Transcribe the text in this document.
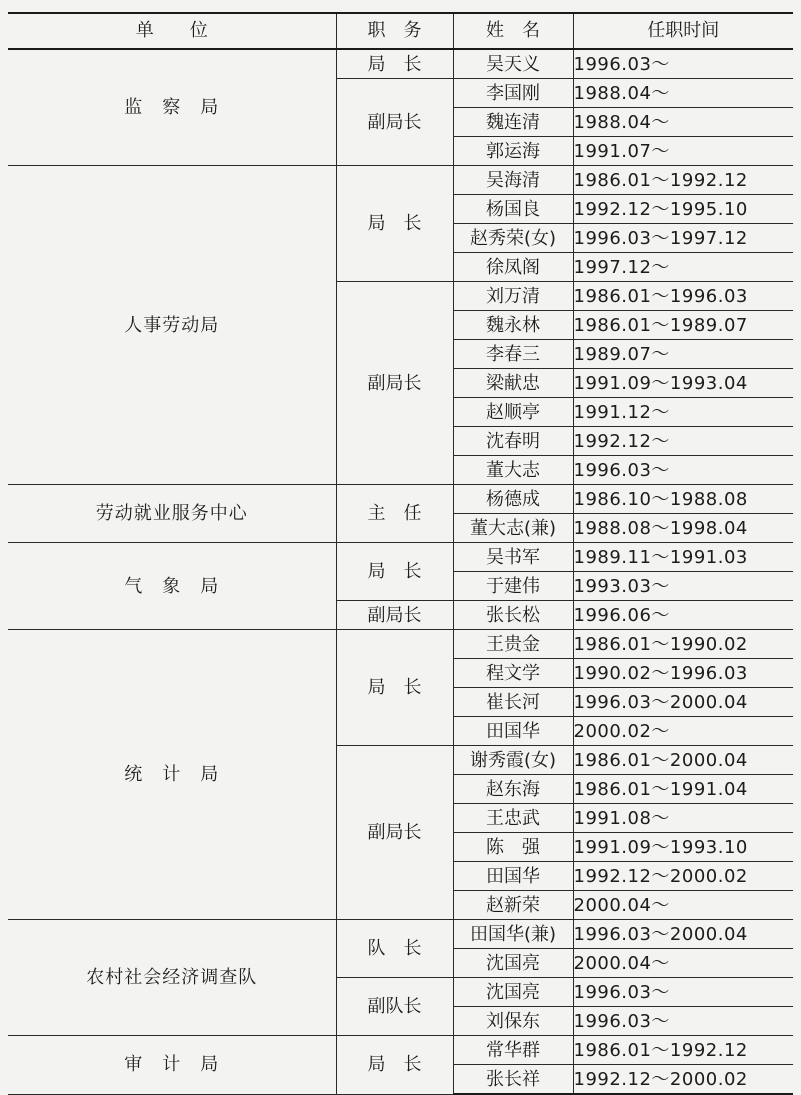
单　　位	职　务	姓　名	任职时间
监　察　局	局　长	吴天义	1996.03～
	副局长	李国刚	1988.04～
		魏连清	1988.04～
		郭运海	1991.07～
人事劳动局	局　长	吴海清	1986.01～1992.12
		杨国良	1992.12～1995.10
		赵秀荣(女)	1996.03～1997.12
		徐凤阁	1997.12～
	副局长	刘万清	1986.01～1996.03
		魏永林	1986.01～1989.07
		李春三	1989.07～
		梁献忠	1991.09～1993.04
		赵顺亭	1991.12～
		沈春明	1992.12～
		董大志	1996.03～
劳动就业服务中心	主　任	杨德成	1986.10～1988.08
		董大志(兼)	1988.08～1998.04
气　象　局	局　长	吴书军	1989.11～1991.03
		于建伟	1993.03～
	副局长	张长松	1996.06～
统　计　局	局　长	王贵金	1986.01～1990.02
		程文学	1990.02～1996.03
		崔长河	1996.03～2000.04
		田国华	2000.02～
	副局长	谢秀霞(女)	1986.01～2000.04
		赵东海	1986.01～1991.04
		王忠武	1991.08～
		陈　强	1991.09～1993.10
		田国华	1992.12～2000.02
		赵新荣	2000.04～
农村社会经济调查队	队　长	田国华(兼)	1996.03～2000.04
		沈国亮	2000.04～
	副队长	沈国亮	1996.03～
		刘保东	1996.03～
审　计　局	局　长	常华群	1986.01～1992.12
		张长祥	1992.12～2000.02
